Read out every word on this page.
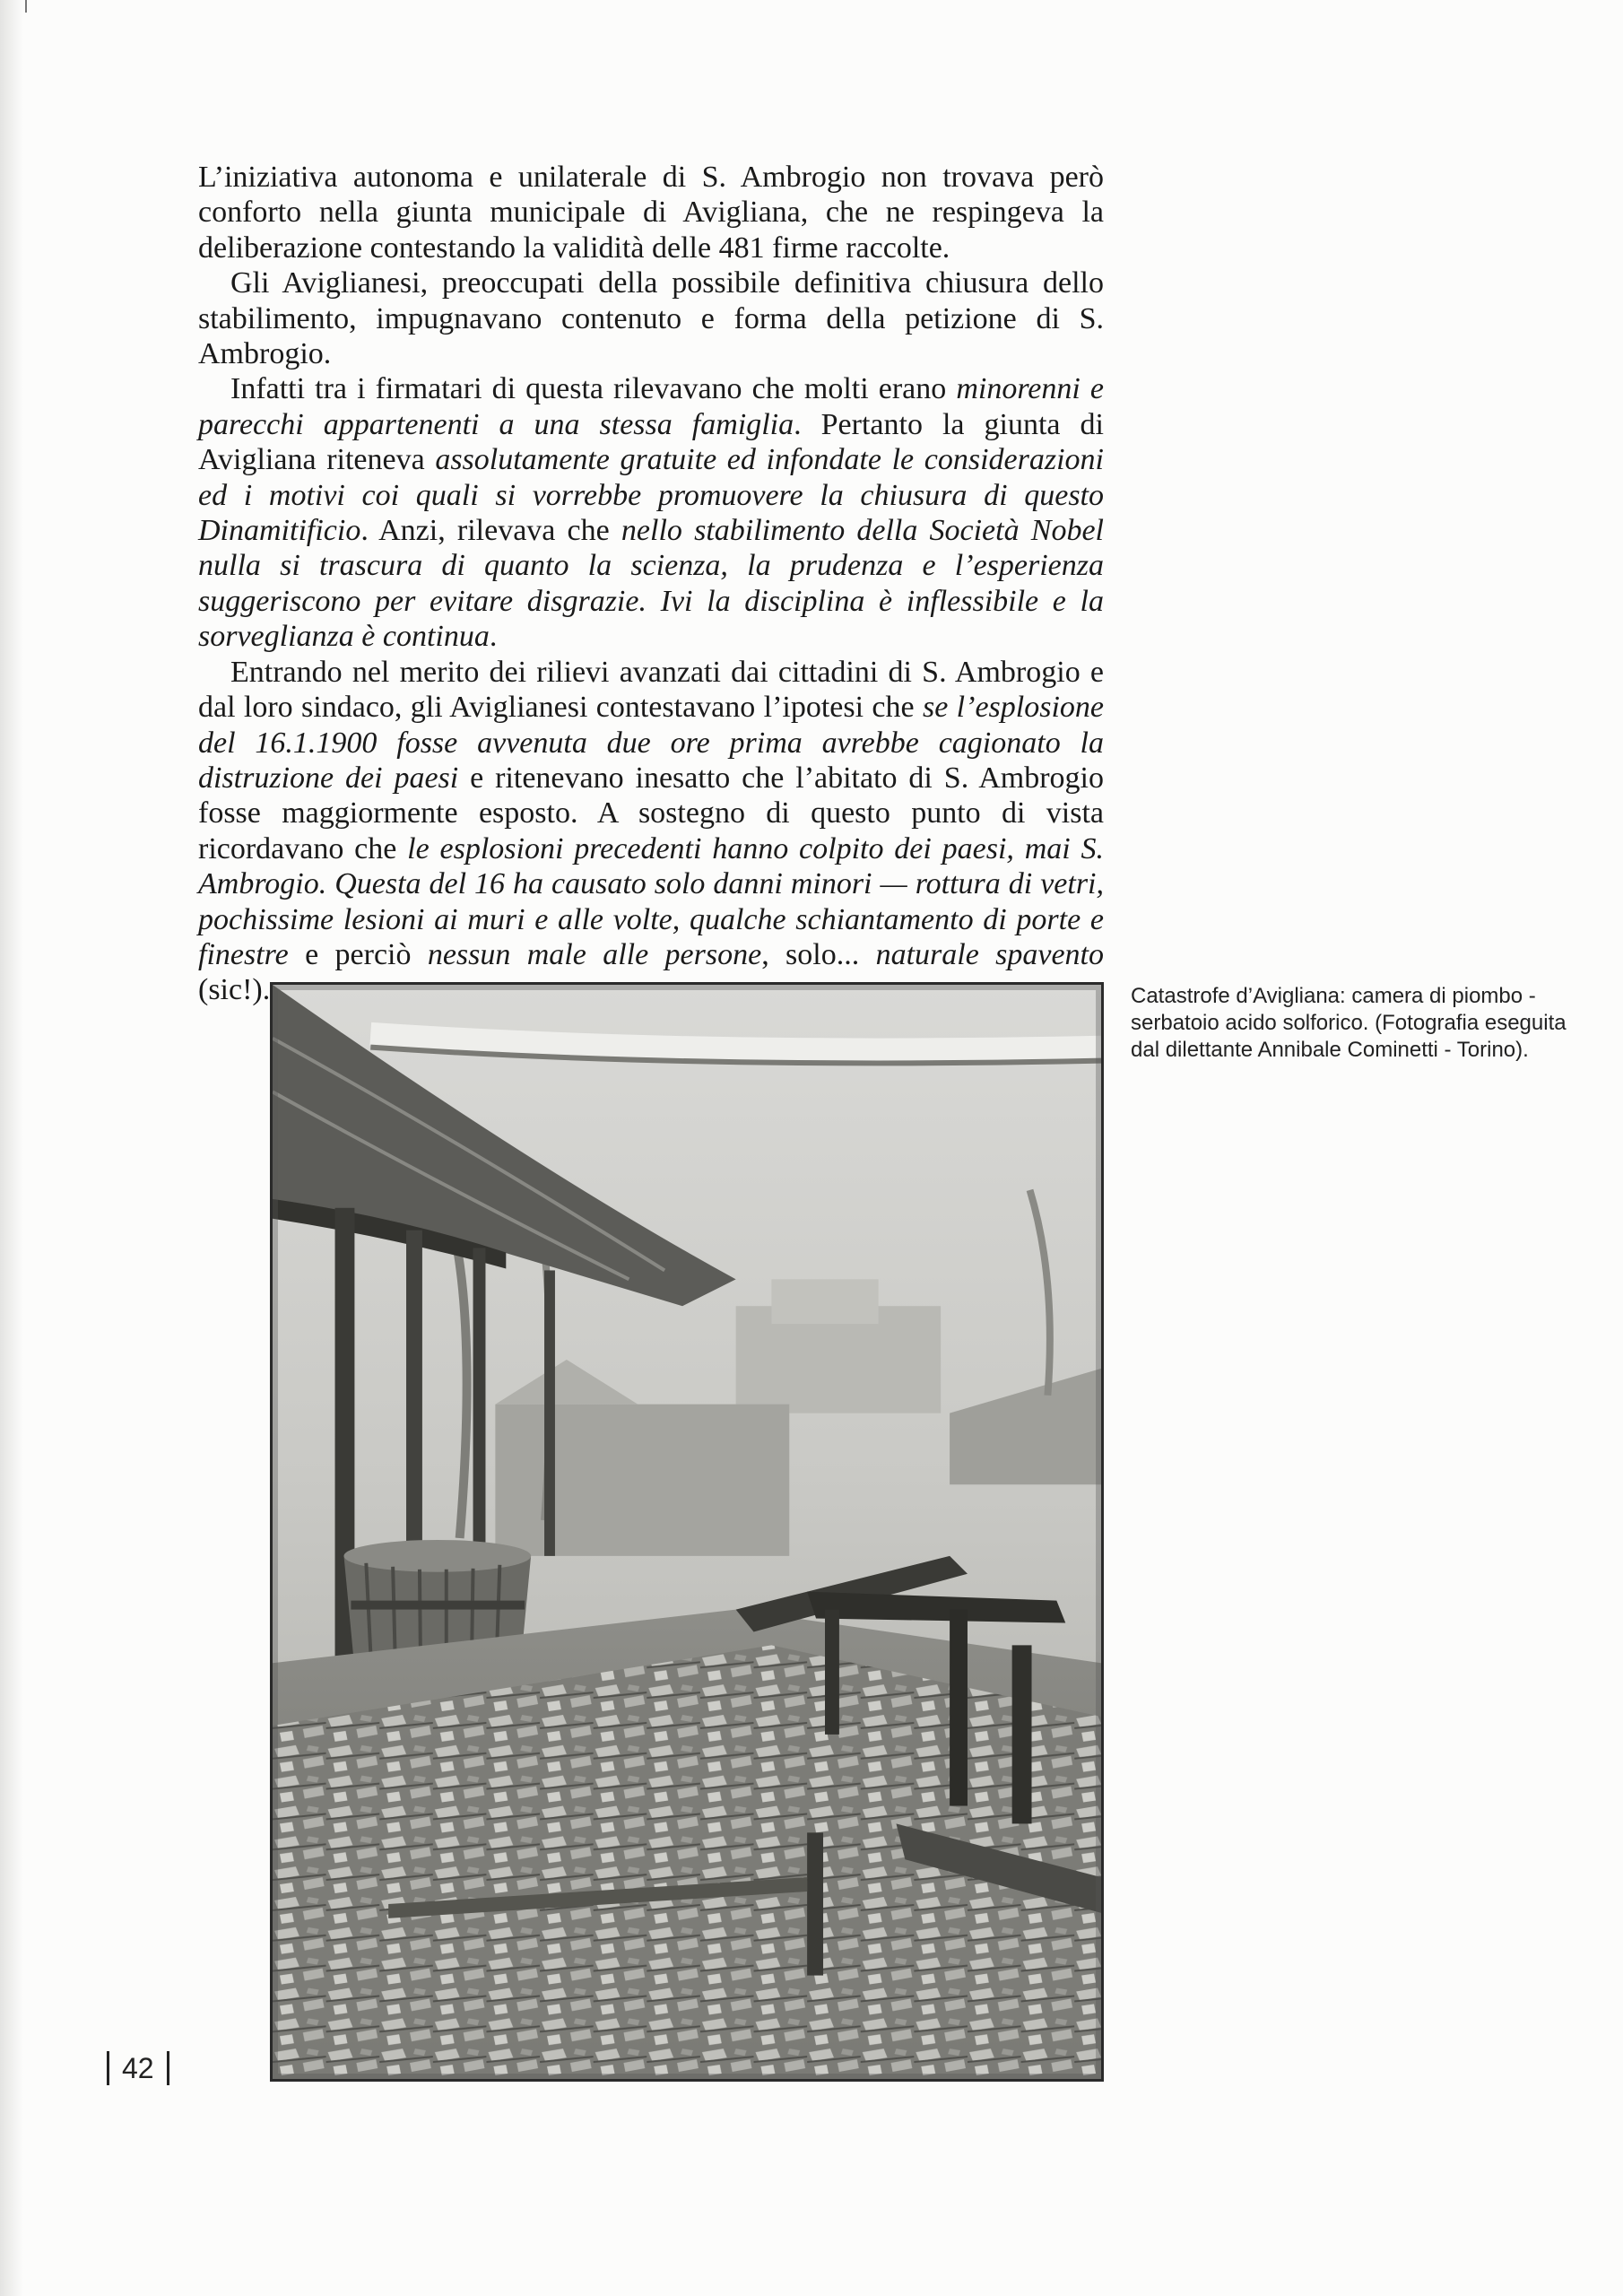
L’iniziativa autonoma e unilaterale di S. Ambrogio non trovava però conforto nella giunta municipale di Avigliana, che ne respingeva la deliberazione contestando la validità delle 481 firme raccolte.

Gli Aviglianesi, preoccupati della possibile definitiva chiusura dello stabilimento, impugnavano contenuto e forma della petizione di S. Ambrogio.

Infatti tra i firmatari di questa rilevavano che molti erano minorenni e parecchi appartenenti a una stessa famiglia. Pertanto la giunta di Avigliana riteneva assolutamente gratuite ed infondate le considerazioni ed i motivi coi quali si vorrebbe promuovere la chiusura di questo Dinamitificio. Anzi, rilevava che nello stabilimento della Società Nobel nulla si trascura di quanto la scienza, la prudenza e l’esperienza suggeriscono per evitare disgrazie. Ivi la disciplina è inflessibile e la sorveglianza è continua.

Entrando nel merito dei rilievi avanzati dai cittadini di S. Ambrogio e dal loro sindaco, gli Aviglianesi contestavano l’ipotesi che se l’esplosione del 16.1.1900 fosse avvenuta due ore prima avrebbe cagionato la distruzione dei paesi e ritenevano inesatto che l’abitato di S. Ambrogio fosse maggiormente esposto. A sostegno di questo punto di vista ricordavano che le esplosioni precedenti hanno colpito dei paesi, mai S. Ambrogio. Questa del 16 ha causato solo danni minori — rottura di vetri, pochissime lesioni ai muri e alle volte, qualche schiantamento di porte e finestre e perciò nessun male alle persone, solo... naturale spavento (sic!).	Catastrofe d’Avigliana: camera di piombo - serbatoio acido solforico. (Fotografia eseguita dal dilettante Annibale Cominetti - Torino).

42
